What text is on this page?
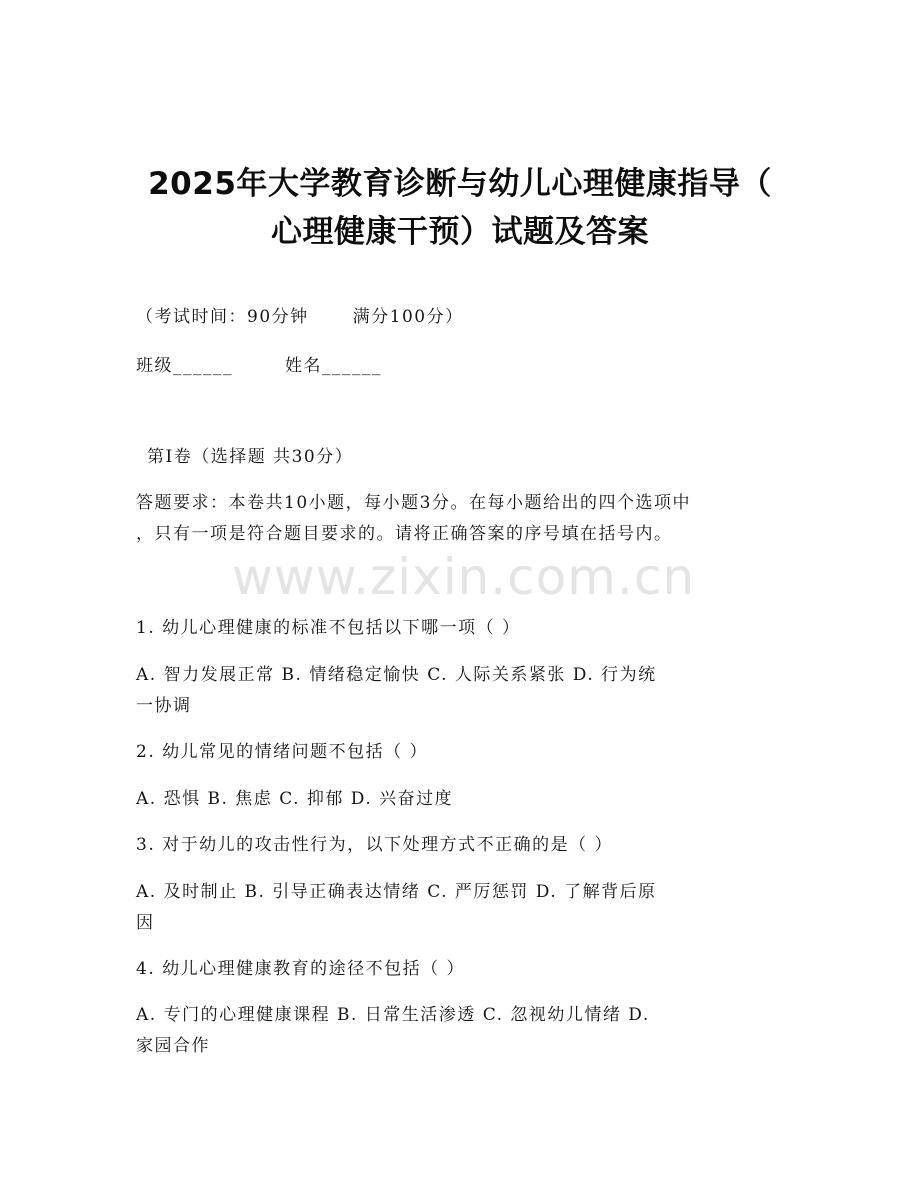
www.zixin.com.cn
2025年大学教育诊断与幼儿心理健康指导（
心理健康干预）试题及答案
（考试时间：90分钟	满分100分）
班级______	姓名______
第I卷（选择题 共30分）
答题要求：本卷共10小题，每小题3分。在每小题给出的四个选项中
，只有一项是符合题目要求的。请将正确答案的序号填在括号内。
1. 幼儿心理健康的标准不包括以下哪一项（ ）
A. 智力发展正常 B. 情绪稳定愉快 C. 人际关系紧张 D. 行为统
一协调
2. 幼儿常见的情绪问题不包括（ ）
A. 恐惧 B. 焦虑 C. 抑郁 D. 兴奋过度
3. 对于幼儿的攻击性行为，以下处理方式不正确的是（ ）
A. 及时制止 B. 引导正确表达情绪 C. 严厉惩罚 D. 了解背后原
因
4. 幼儿心理健康教育的途径不包括（ ）
A. 专门的心理健康课程 B. 日常生活渗透 C. 忽视幼儿情绪 D.
家园合作
